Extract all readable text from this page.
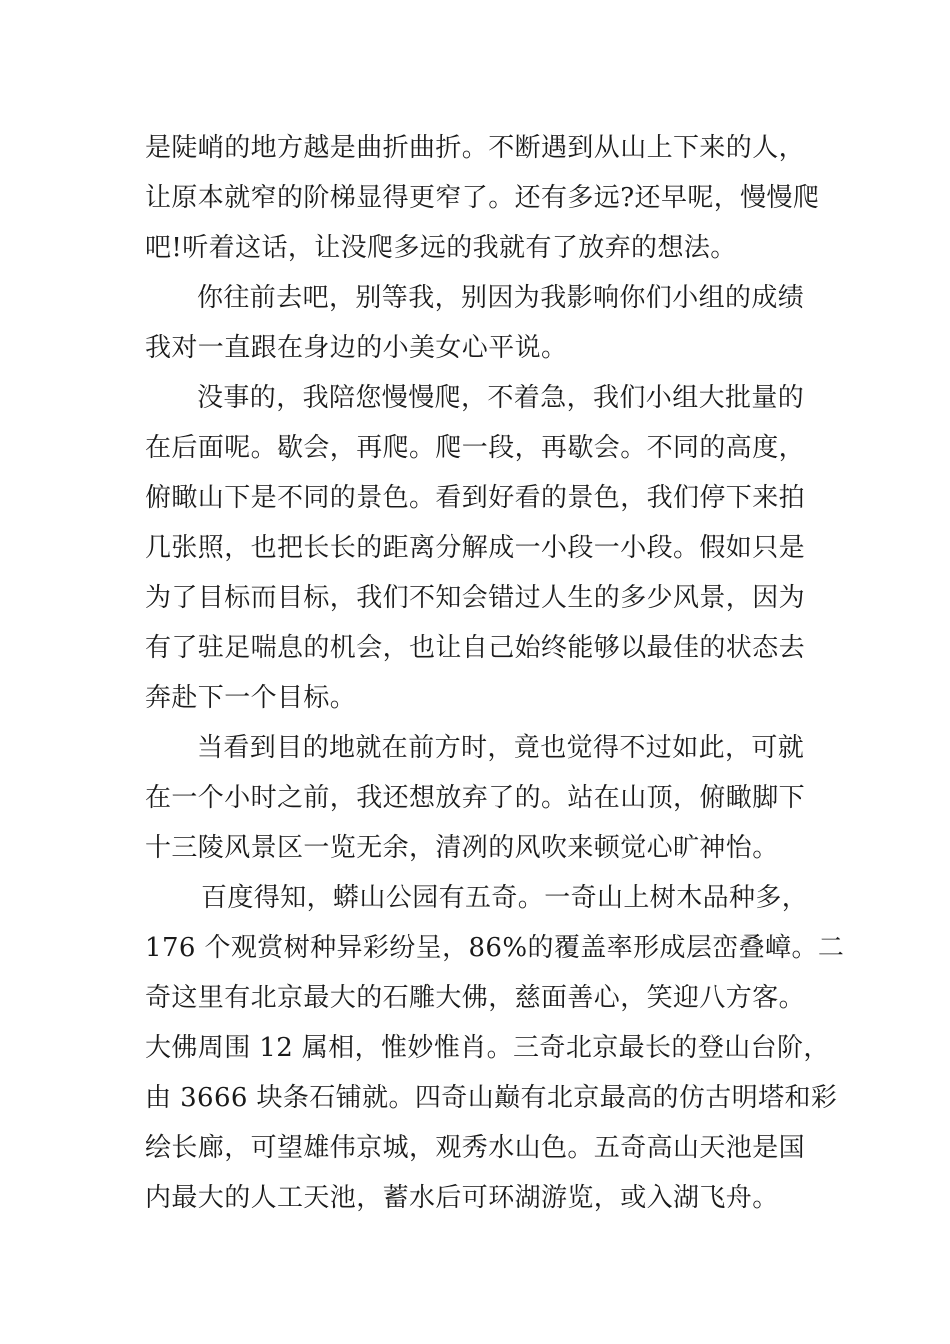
是陡峭的地方越是曲折曲折。不断遇到从山上下来的人，
让原本就窄的阶梯显得更窄了。还有多远?还早呢，慢慢爬
吧!听着这话，让没爬多远的我就有了放弃的想法。
你往前去吧，别等我，别因为我影响你们小组的成绩
我对一直跟在身边的小美女心平说。
没事的，我陪您慢慢爬，不着急，我们小组大批量的
在后面呢。歇会，再爬。爬一段，再歇会。不同的高度，
俯瞰山下是不同的景色。看到好看的景色，我们停下来拍
几张照，也把长长的距离分解成一小段一小段。假如只是
为了目标而目标，我们不知会错过人生的多少风景，因为
有了驻足喘息的机会，也让自己始终能够以最佳的状态去
奔赴下一个目标。
当看到目的地就在前方时，竟也觉得不过如此，可就
在一个小时之前，我还想放弃了的。站在山顶，俯瞰脚下
十三陵风景区一览无余，清冽的风吹来顿觉心旷神怡。
百度得知，蟒山公园有五奇。一奇山上树木品种多，
176 个观赏树种异彩纷呈，86%的覆盖率形成层峦叠嶂。二
奇这里有北京最大的石雕大佛，慈面善心，笑迎八方客。
大佛周围 12 属相，惟妙惟肖。三奇北京最长的登山台阶，
由 3666 块条石铺就。四奇山巅有北京最高的仿古明塔和彩
绘长廊，可望雄伟京城，观秀水山色。五奇高山天池是国
内最大的人工天池，蓄水后可环湖游览，或入湖飞舟。
